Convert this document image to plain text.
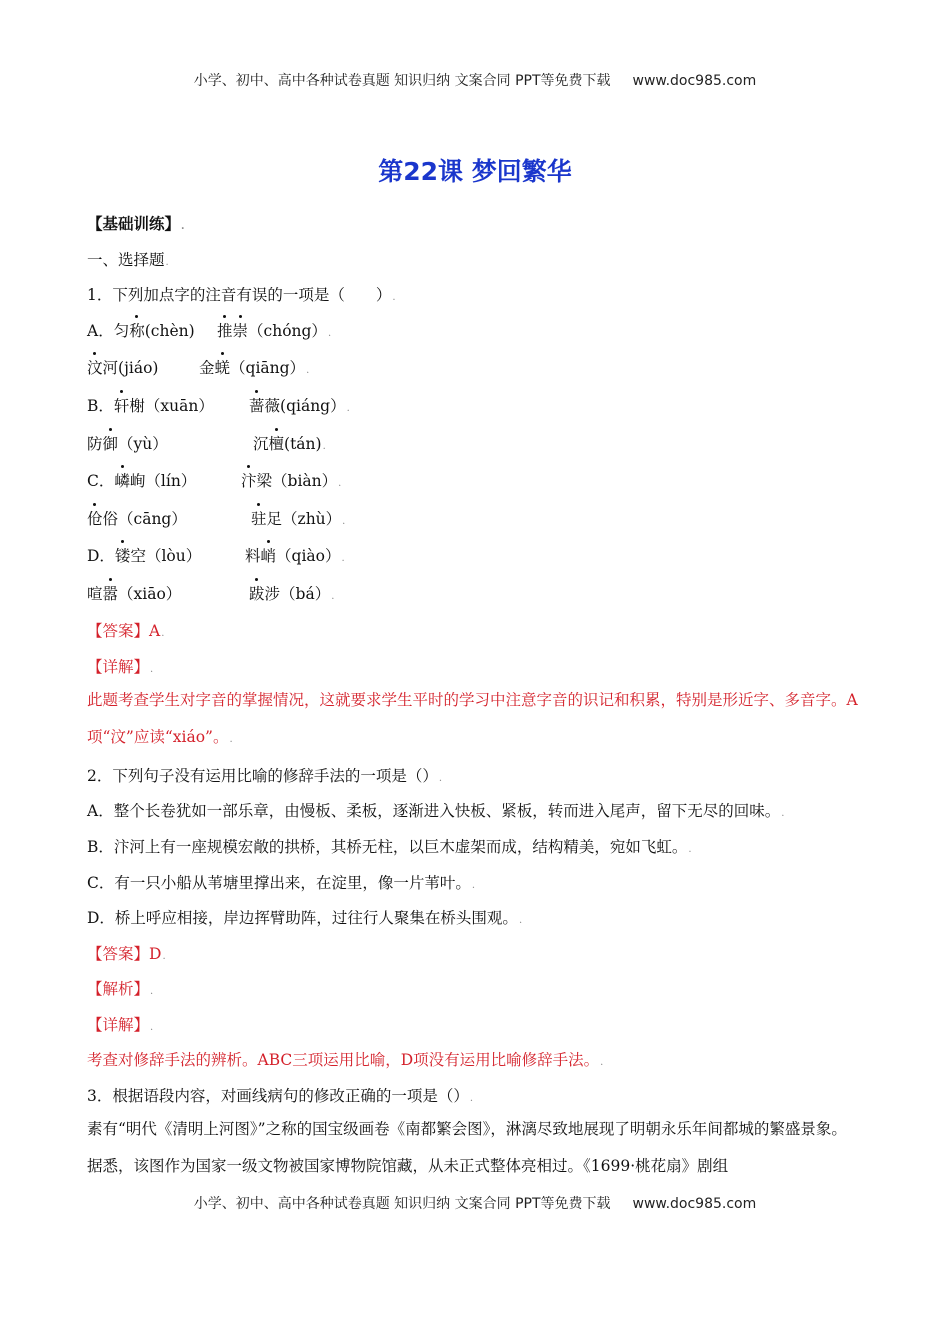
小学、初中、高中各种试卷真题 知识归纳 文案合同 PPT等免费下载 www.doc985.com
第22课 梦回繁华
【基础训练】.
一、选择题.
1．下列加点字的注音有误的一项是（　　）.
A．匀称(chèn) 推崇（chóng）.
汶河(jiáo)	金蜣（qiāng）.
B．轩榭（xuān） 蔷薇(qiáng）.
防御（yù）	沉檀(tán).
C．嶙峋（lín）	汴梁（biàn）.
伧俗（cāng）	驻足（zhù）.
D．镂空（lòu）	料峭（qiào）.
喧嚣（xiāo）	跋涉（bá）.
【答案】A.
【详解】.
此题考查学生对字音的掌握情况，这就要求学生平时的学习中注意字音的识记和积累，特别是形近字、多音字。A项“汶”应读“xiáo”。.
2．下列句子没有运用比喻的修辞手法的一项是（）.
A．整个长卷犹如一部乐章，由慢板、柔板，逐渐进入快板、紧板，转而进入尾声，留下无尽的回味。.
B．汴河上有一座规模宏敞的拱桥，其桥无柱，以巨木虚架而成，结构精美，宛如飞虹。.
C．有一只小船从苇塘里撑出来，在淀里，像一片苇叶。.
D．桥上呼应相接，岸边挥臂助阵，过往行人聚集在桥头围观。.
【答案】D.
【解析】.
【详解】.
考查对修辞手法的辨析。ABC三项运用比喻，D项没有运用比喻修辞手法。.
3．根据语段内容，对画线病句的修改正确的一项是（）.
素有“明代《清明上河图》”之称的国宝级画卷《南都繁会图》，淋漓尽致地展现了明朝永乐年间都城的繁盛景象。据悉，该图作为国家一级文物被国家博物院馆藏，从未正式整体亮相过。《1699·桃花扇》剧组
小学、初中、高中各种试卷真题 知识归纳 文案合同 PPT等免费下载 www.doc985.com
